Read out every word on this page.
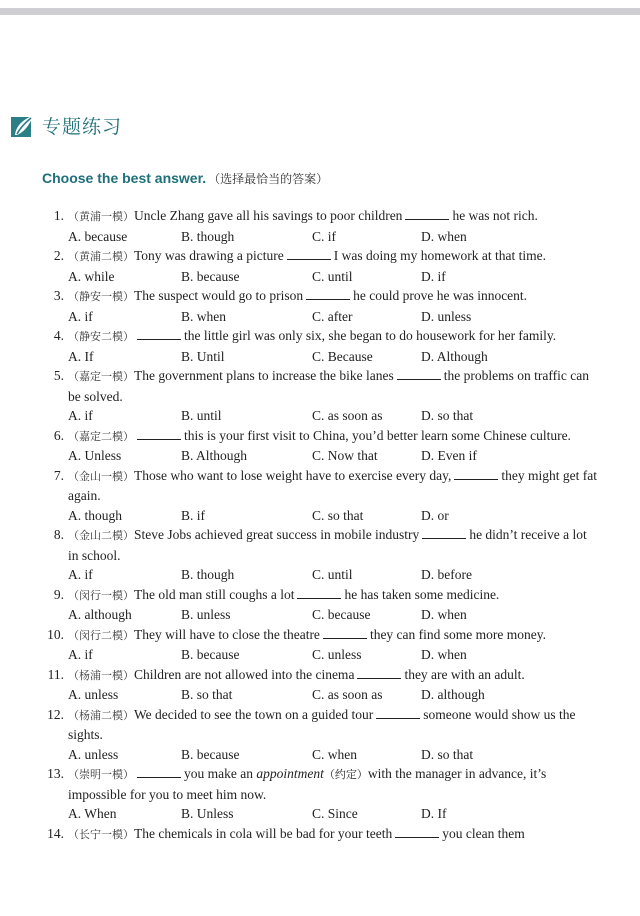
专题练习
Choose the best answer. （选择最恰当的答案）
1. （黄浦一模）Uncle Zhang gave all his savings to poor children	he was not rich.
A. because	B. though	C. if	D. when
2. （黄浦二模）Tony was drawing a picture	I was doing my homework at that time.
A. while	B. because	C. until	D. if
3. （静安一模）The suspect would go to prison	he could prove he was innocent.
A. if	B. when	C. after	D. unless
4. （静安二模）	the little girl was only six, she began to do housework for her family.
A. If	B. Until	C. Because	D. Although
5. （嘉定一模）The government plans to increase the bike lanes	the problems on traffic can be solved.
A. if	B. until	C. as soon as	D. so that
6. （嘉定二模）	this is your first visit to China, you’d better learn some Chinese culture.
A. Unless	B. Although	C. Now that	D. Even if
7. （金山一模）Those who want to lose weight have to exercise every day,	they might get fat again.
A. though	B. if	C. so that	D. or
8. （金山二模）Steve Jobs achieved great success in mobile industry	he didn’t receive a lot in school.
A. if	B. though	C. until	D. before
9. （闵行一模）The old man still coughs a lot	he has taken some medicine.
A. although	B. unless	C. because	D. when
10. （闵行二模）They will have to close the theatre	they can find some more money.
A. if	B. because	C. unless	D. when
11. （杨浦一模）Children are not allowed into the cinema	they are with an adult.
A. unless	B. so that	C. as soon as	D. although
12. （杨浦二模）We decided to see the town on a guided tour	someone would show us the sights.
A. unless	B. because	C. when	D. so that
13. （崇明一模）	you make an appointment（约定）with the manager in advance, it’s impossible for you to meet him now.
A. When	B. Unless	C. Since	D. If
14. （长宁一模）The chemicals in cola will be bad for your teeth	you clean them
